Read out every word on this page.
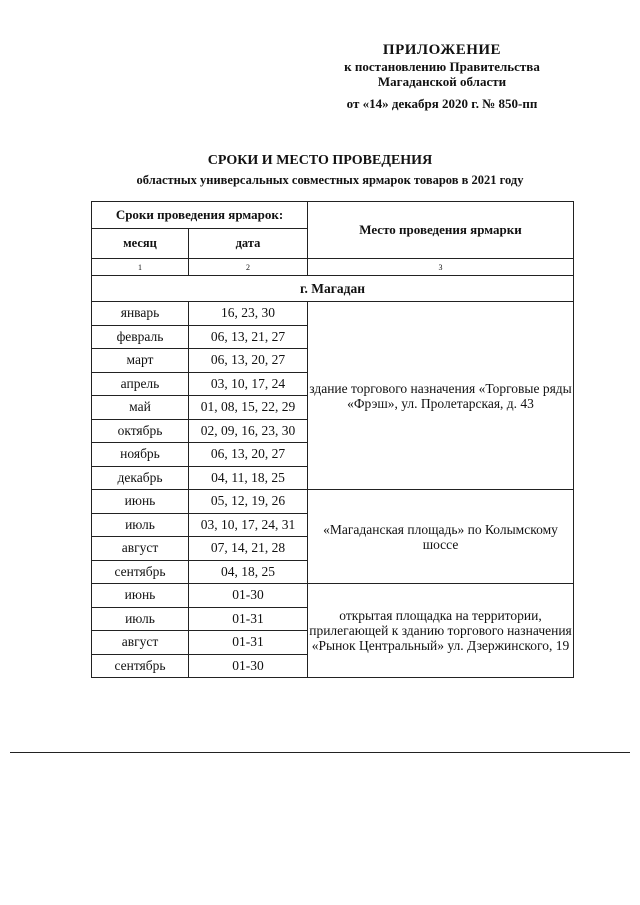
ПРИЛОЖЕНИЕ
к постановлению Правительства
Магаданской области
от «14» декабря 2020 г. № 850-пп
СРОКИ И МЕСТО ПРОВЕДЕНИЯ
областных универсальных совместных ярмарок товаров в 2021 году
Сроки проведения ярмарок:		Место проведения ярмарки
месяц	дата	
1	2	3
г. Магадан		
январь	16, 23, 30	здание торгового назначения «Торговые ряды «Фрэш», ул. Пролетарская, д. 43
февраль	06, 13, 21, 27	
март	06, 13, 20, 27	
апрель	03, 10, 17, 24	
май	01, 08, 15, 22, 29	
октябрь	02, 09, 16, 23, 30	
ноябрь	06, 13, 20, 27	
декабрь	04, 11, 18, 25	
июнь	05, 12, 19, 26	«Магаданская площадь» по Колымскому шоссе
июль	03, 10, 17, 24, 31	
август	07, 14, 21, 28	
сентябрь	04, 18, 25	
июнь	01-30	открытая площадка на территории, прилегающей к зданию торгового назначения «Рынок Центральный» ул. Дзержинского, 19
июль	01-31	
август	01-31	
сентябрь	01-30	
